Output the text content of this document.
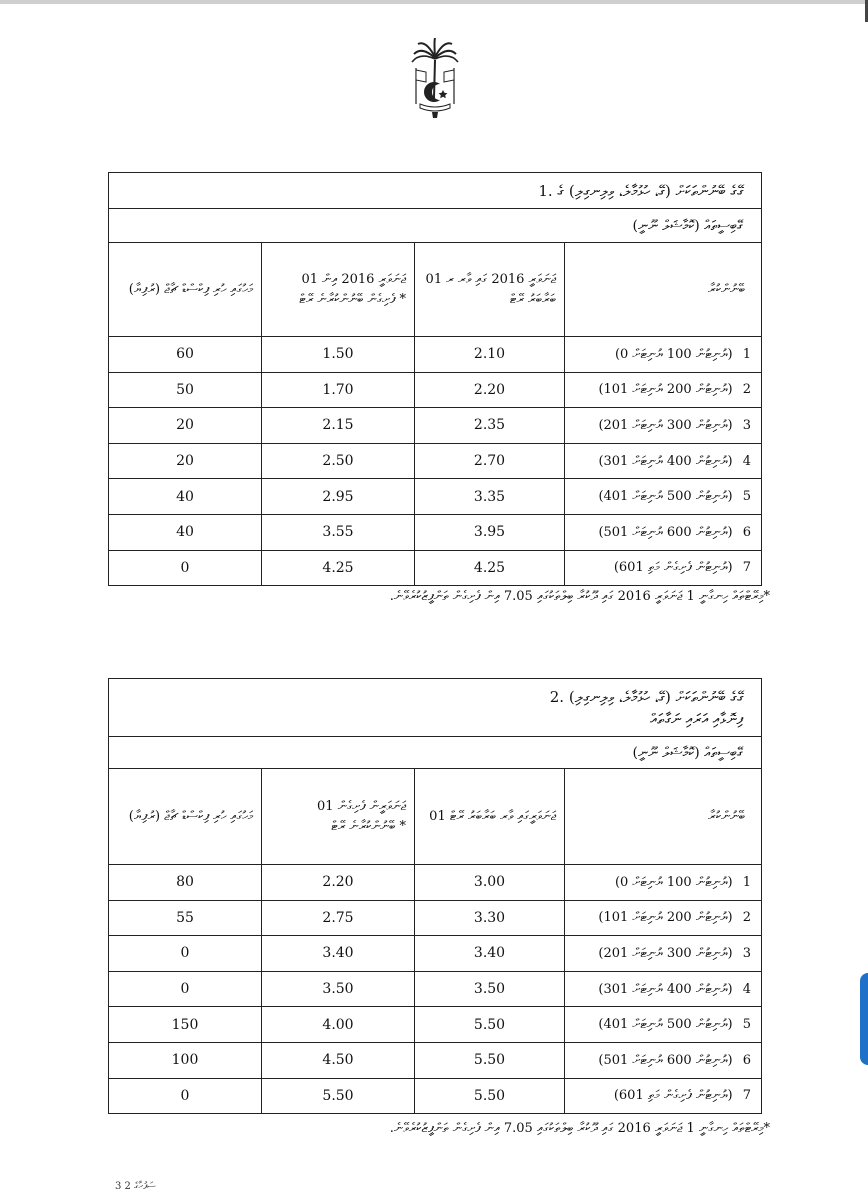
1. ގޭގެ ބޭނުންތަކަށް (ގޭ، ހުޅުމާލެ، ވިލިނގިލި) ގެ			
ގޭބިސީތައް (ކޮމާޝަލް ނޫނީ)			
މަހުގައި ހުރި ފިކްސްޑް ޗާޖް (ރުފިޔާ)	01 ޖަނަވަރީ 2016 އިން ފެށިގެން ބޭނުންކުރާނެ ރޭޓް *	01 ޖަނަވަރީ 2016 ގައި ވާރ ރ ބަރާބަރު ރޭޓް	ބޭނުންކުރާ
60	1.50	2.10	(0 ޔުނިޓުން 100 ޔުނިޓަށް) 1
50	1.70	2.20	(101 ޔުނިޓުން 200 ޔުނިޓަށް) 2
20	2.15	2.35	(201 ޔުނިޓުން 300 ޔުނިޓަށް) 3
20	2.50	2.70	(301 ޔުނިޓުން 400 ޔުނިޓަށް) 4
40	2.95	3.35	(401 ޔުނިޓުން 500 ޔުނިޓަށް) 5
40	3.55	3.95	(501 ޔުނިޓުން 600 ޔުނިޓަށް) 6
0	4.25	4.25	(601 ޔުނިޓުން ފެށިގެން މަތި) 7
*މިރޭޓްތައް ހިނގާނީ 1 ޖަނަވަރީ 2016 ގައި ދޫކުރާ ބިލްތަކުގައި 7.05 އިން ފެށިގެން ތަންފީޒުކުރެވޭނެ.
2. ގޭގެ ބޭނުންތަކަށް (ގޭ، ހުޅުމާލެ، ވިލިނގިލި)
ފިނޮޅާއި އަރައި ނަގާތައް			

ގޭބިސީތައް (ކޮމާޝަލް ނޫނީ)			
މަހުގައި ހުރި ފިކްސްޑް ޗާޖް (ރުފިޔާ)	01 ޖަނަވަރީން ފެށިގެން ބޭނުންކުރާނެ ރޭޓް *	01 ޖަނަވަރީގައި ވާރ ބަރާބަރު ރޭޓް	ބޭނުންކުރާ
80	2.20	3.00	(0 ޔުނިޓުން 100 ޔުނިޓަށް) 1
55	2.75	3.30	(101 ޔުނިޓުން 200 ޔުނިޓަށް) 2
0	3.40	3.40	(201 ޔުނިޓުން 300 ޔުނިޓަށް) 3
0	3.50	3.50	(301 ޔުނިޓުން 400 ޔުނިޓަށް) 4
150	4.00	5.50	(401 ޔުނިޓުން 500 ޔުނިޓަށް) 5
100	4.50	5.50	(501 ޔުނިޓުން 600 ޔުނިޓަށް) 6
0	5.50	5.50	(601 ޔުނިޓުން ފެށިގެން މަތި) 7
*މިރޭޓްތައް ހިނގާނީ 1 ޖަނަވަރީ 2016 ގައި ދޫކުރާ ބިލްތަކުގައި 7.05 އިން ފެށިގެން ތަންފީޒުކުރެވޭނެ.
3 ސަފުހާގެ 2
